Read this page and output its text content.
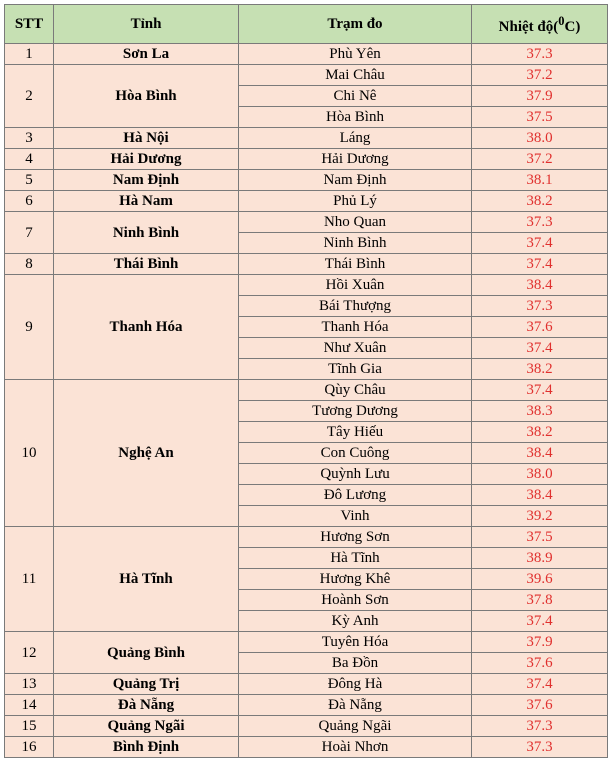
STT	Tỉnh	Trạm đo	Nhiệt độ($^0$C)
1	Sơn La	Phù Yên	37.3
2	Hòa Bình	Mai Châu	37.2
		Chi Nê	37.9
		Hòa Bình	37.5
3	Hà Nội	Láng	38.0
4	Hải Dương	Hải Dương	37.2
5	Nam Định	Nam Định	38.1
6	Hà Nam	Phủ Lý	38.2
7	Ninh Bình	Nho Quan	37.3
		Ninh Bình	37.4
8	Thái Bình	Thái Bình	37.4
9	Thanh Hóa	Hồi Xuân	38.4
		Bái Thượng	37.3
		Thanh Hóa	37.6
		Như Xuân	37.4
		Tĩnh Gia	38.2
10	Nghệ An	Qùy Châu	37.4
		Tương Dương	38.3
		Tây Hiếu	38.2
		Con Cuông	38.4
		Quỳnh Lưu	38.0
		Đô Lương	38.4
		Vinh	39.2
11	Hà Tĩnh	Hương Sơn	37.5
		Hà Tĩnh	38.9
		Hương Khê	39.6
		Hoành Sơn	37.8
		Kỳ Anh	37.4
12	Quảng Bình	Tuyên Hóa	37.9
		Ba Đồn	37.6
13	Quảng Trị	Đông Hà	37.4
14	Đà Nẵng	Đà Nẵng	37.6
15	Quảng Ngãi	Quảng Ngãi	37.3
16	Bình Định	Hoài Nhơn	37.3
